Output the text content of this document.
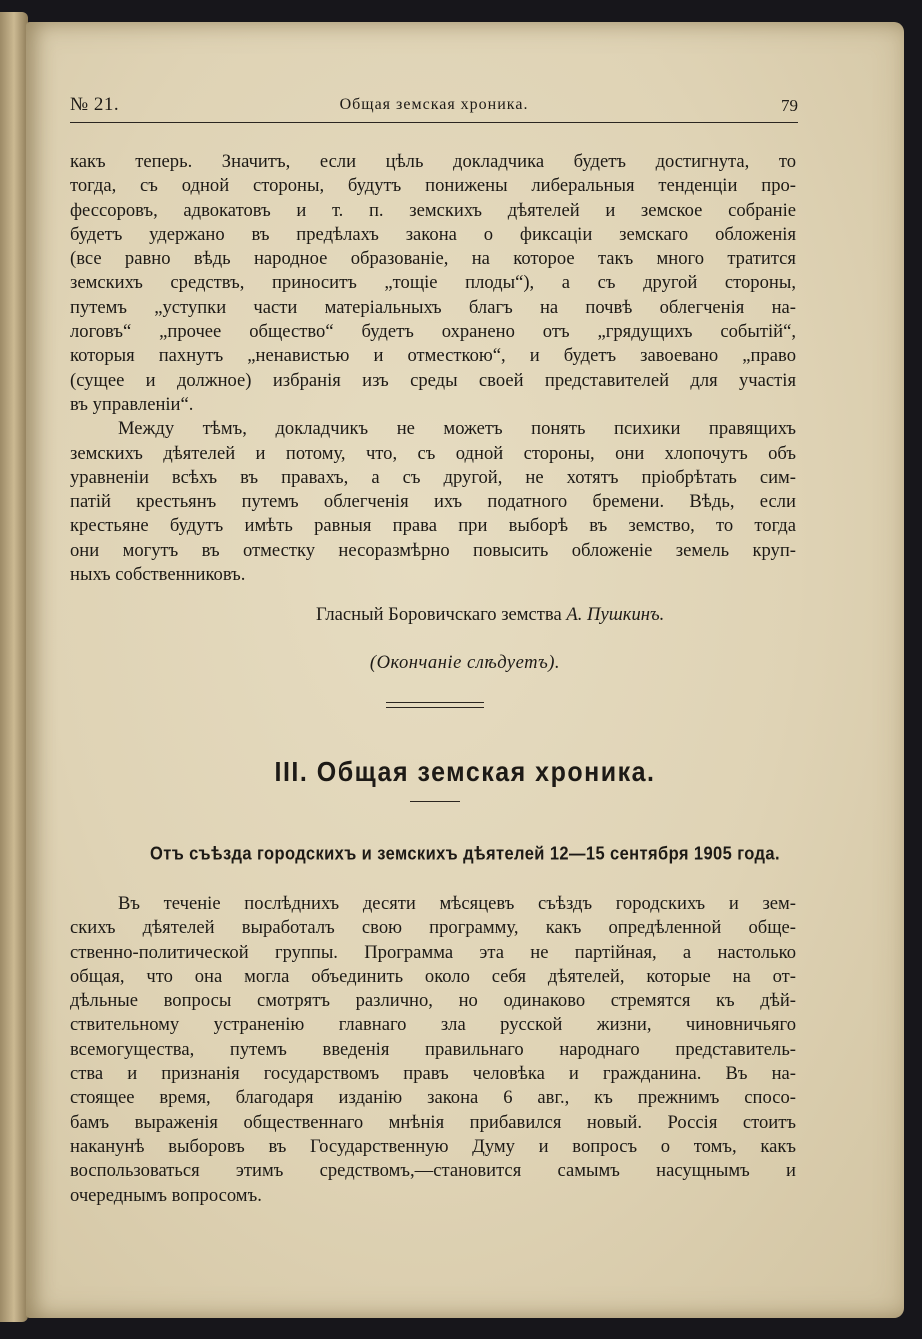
№ 21.	Общая земская хроника.	79

какъ теперь. Значитъ, если цѣль докладчика будетъ достигнута, то
тогда, съ одной стороны, будутъ понижены либеральныя тенденціи про-
фессоровъ, адвокатовъ и т. п. земскихъ дѣятелей и земское собраніе
будетъ удержано въ предѣлахъ закона о фиксаціи земскаго обложенія
(все равно вѣдь народное образованіе, на которое такъ много тратится
земскихъ средствъ, приноситъ „тощіе плоды“), а съ другой стороны,
путемъ „уступки части матеріальныхъ благъ на почвѣ облегченія на-
логовъ“ „прочее общество“ будетъ охранено отъ „грядущихъ событій“,
которыя пахнутъ „ненавистью и отместкою“, и будетъ завоевано „право
(сущее и должное) избранія изъ среды своей представителей для участія
въ управленіи“.

Между тѣмъ, докладчикъ не можетъ понять психики правящихъ
земскихъ дѣятелей и потому, что, съ одной стороны, они хлопочутъ объ
уравненіи всѣхъ въ правахъ, а съ другой, не хотятъ пріобрѣтать сим-
патій крестьянъ путемъ облегченія ихъ податного бремени. Вѣдь, если
крестьяне будутъ имѣть равныя права при выборѣ въ земство, то тогда
они могутъ въ отместку несоразмѣрно повысить обложеніе земель круп-
ныхъ собственниковъ.

Гласный Боровичскаго земства А. Пушкинъ.
(Окончаніе слѣдуетъ).
III. Общая земская хроника.
Отъ съѣзда городскихъ и земскихъ дѣятелей 12—15 сентября 1905 года.

Въ теченіе послѣднихъ десяти мѣсяцевъ съѣздъ городскихъ и зем-
скихъ дѣятелей выработалъ свою программу, какъ опредѣленной обще-
ственно-политической группы. Программа эта не партійная, а настолько
общая, что она могла объединить около себя дѣятелей, которые на от-
дѣльные вопросы смотрятъ различно, но одинаково стремятся къ дѣй-
ствительному устраненію главнаго зла русской жизни, чиновничьяго
всемогущества, путемъ введенія правильнаго народнаго представитель-
ства и признанія государствомъ правъ человѣка и гражданина. Въ на-
стоящее время, благодаря изданію закона 6 авг., къ прежнимъ спосо-
бамъ выраженія общественнаго мнѣнія прибавился новый. Россія стоитъ
наканунѣ выборовъ въ Государственную Думу и вопросъ о томъ, какъ
воспользоваться этимъ средствомъ,—становится самымъ насущнымъ и
очереднымъ вопросомъ.
